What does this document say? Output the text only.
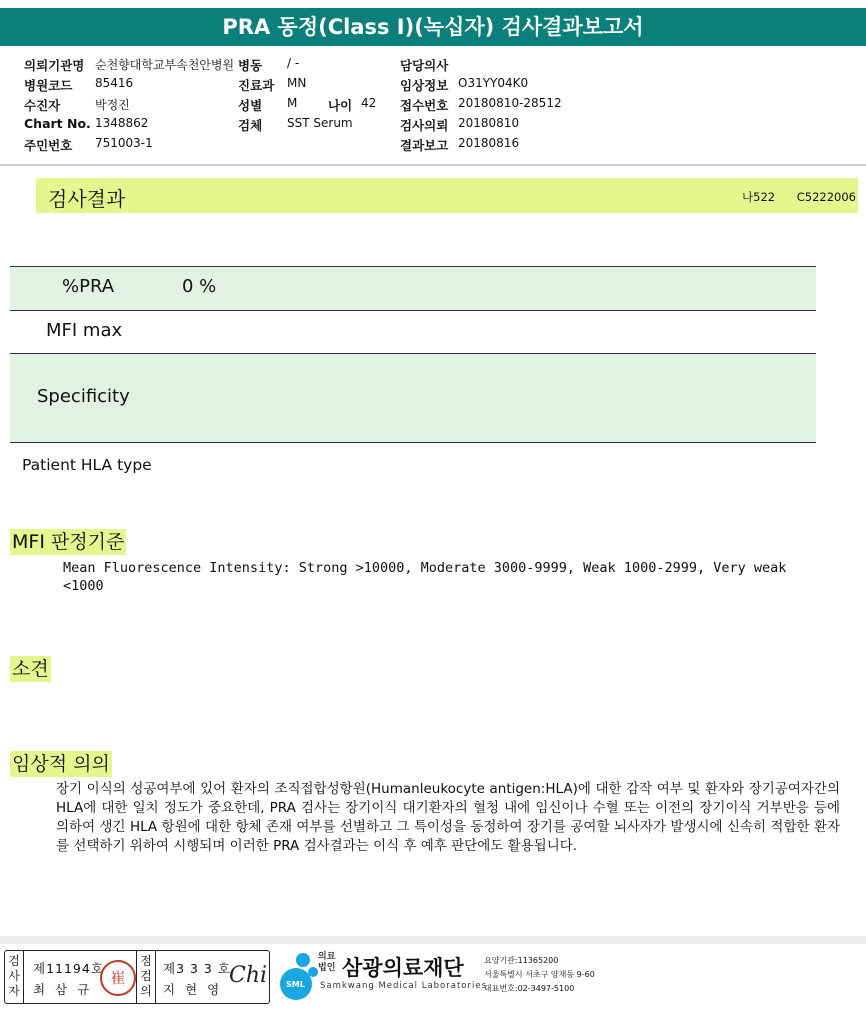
PRA 동정(Class I)(녹십자) 검사결과보고서
의뢰기관명 순천향대학교부속천안병원 병동 / -	담당의사
병원코드 85416	진료과 MN	임상정보 O31YY04K0
수진자	박정진	성별 M 나이 42 접수번호 20180810-28512
Chart No. 1348862	검체 SST Serum	검사의뢰 20180810
주민번호 751003-1	결과보고 20180816
검사결과	나522 C5222006
%PRA	0 %
MFI max
Specificity
Patient HLA type
MFI 판정기준
Mean Fluorescence Intensity: Strong >10000, Moderate 3000-9999, Weak 1000-2999, Very weak <1000
소견
임상적 의의
장기 이식의 성공여부에 있어 환자의 조직접합성항원(Humanleukocyte antigen:HLA)에 대한 감작 여부 및 환자와 장기공여자간의 HLA에 대한 일치 정도가 중요한데, PRA 검사는 장기이식 대기환자의 혈청 내에 임신이나 수혈 또는 이전의 장기이식 거부반응 등에 의하여 생긴 HLA 항원에 대한 항체 존재 여부를 선별하고 그 특이성을 동정하여 장기를 공여할 뇌사자가 발생시에 신속히 적합한 환자를 선택하기 위하여 시행되며 이러한 PRA 검사결과는 이식 후 예후 판단에도 활용됩니다.
검사자
제11194호
최 삼 규
崔
점검의
제3 3 3 호
지 현 영
Chi SML
의료법인 삼광의료재단
Samkwang Medical Laboratories
요양기관:11365200
서울특별시 서초구 양재동 9-60
대표번호:02-3497-5100
